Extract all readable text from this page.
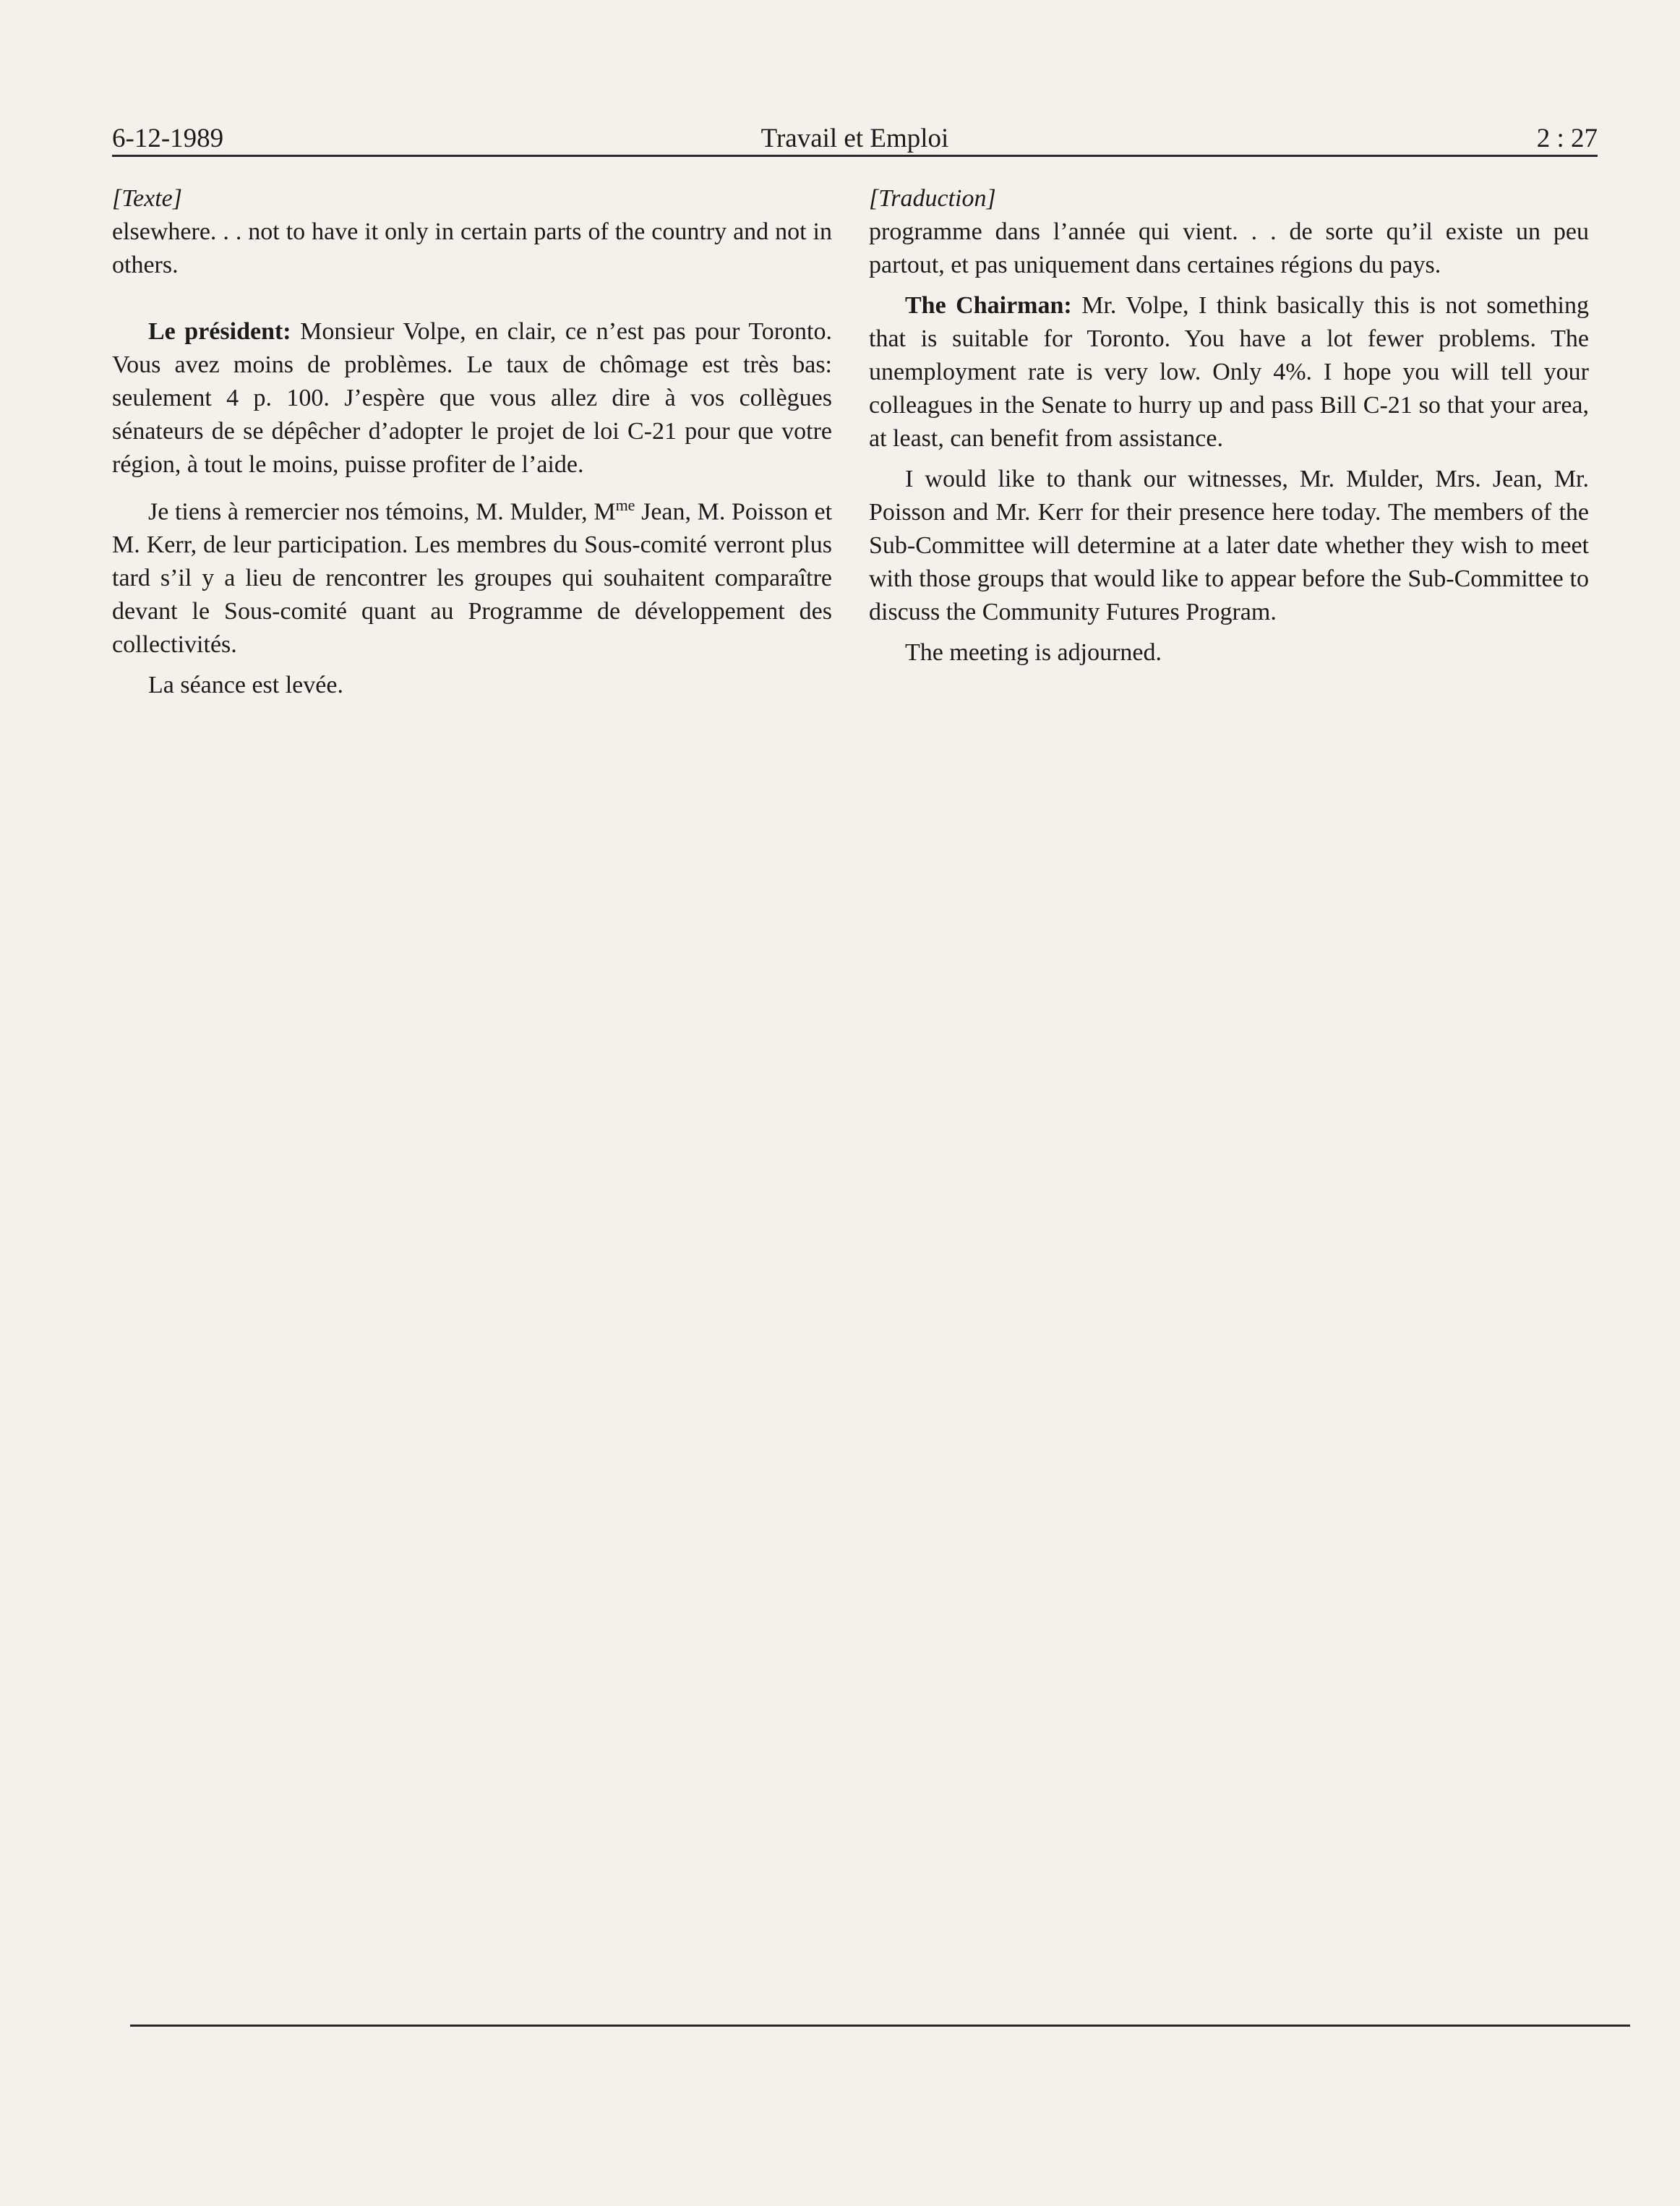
6-12-1989	Travail et Emploi	2 : 27

[Texte]

elsewhere. . . not to have it only in certain parts of the country and not in others.

Le président: Monsieur Volpe, en clair, ce n’est pas pour Toronto. Vous avez moins de problèmes. Le taux de chômage est très bas: seulement 4 p. 100. J’espère que vous allez dire à vos collègues sénateurs de se dépêcher d’adopter le projet de loi C-21 pour que votre région, à tout le moins, puisse profiter de l’aide.

Je tiens à remercier nos témoins, M. Mulder, $M^{me}$ Jean, M. Poisson et M. Kerr, de leur participation. Les membres du Sous-comité verront plus tard s’il y a lieu de rencontrer les groupes qui souhaitent comparaître devant le Sous-comité quant au Programme de développement des collectivités.

La séance est levée.

[Traduction]

programme dans l’année qui vient. . . de sorte qu’il existe un peu partout, et pas uniquement dans certaines régions du pays.

The Chairman: Mr. Volpe, I think basically this is not something that is suitable for Toronto. You have a lot fewer problems. The unemployment rate is very low. Only 4%. I hope you will tell your colleagues in the Senate to hurry up and pass Bill C-21 so that your area, at least, can benefit from assistance.

I would like to thank our witnesses, Mr. Mulder, Mrs. Jean, Mr. Poisson and Mr. Kerr for their presence here today. The members of the Sub-Committee will determine at a later date whether they wish to meet with those groups that would like to appear before the Sub-Committee to discuss the Community Futures Program.

The meeting is adjourned.
